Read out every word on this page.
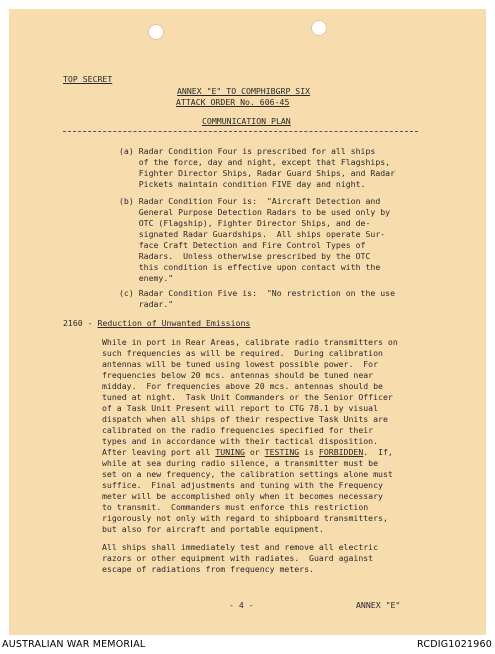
TOP SECRET
ANNEX "E" TO COMPHIBGRP SIX
ATTACK ORDER No. 606-45
COMMUNICATION PLAN
(a) Radar Condition Four is prescribed for all ships
of the force, day and night, except that Flagships,
Fighter Director Ships, Radar Guard Ships, and Radar
Pickets maintain condition FIVE day and night.
(b) Radar Condition Four is:  "Aircraft Detection and
General Purpose Detection Radars to be used only by
OTC (Flagship), Fighter Director Ships, and de-
signated Radar Guardships.  All ships operate Sur-
face Craft Detection and Fire Control Types of
Radars.  Unless otherwise prescribed by the OTC
this condition is effective upon contact with the
enemy."
(c) Radar Condition Five is:  "No restriction on the use
radar."
2160 - Reduction of Unwanted Emissions
While in port in Rear Areas, calibrate radio transmitters on
such frequencies as will be required.  During calibration
antennas will be tuned using lowest possible power.  For
frequencies below 20 mcs. antennas should be tuned near
midday.  For frequencies above 20 mcs. antennas should be
tuned at night.  Task Unit Commanders or the Senior Officer
of a Task Unit Present will report to CTG 78.1 by visual
dispatch when all ships of their respective Task Units are
calibrated on the radio frequencies specified for their
types and in accordance with their tactical disposition.
After leaving port all TUNING or TESTING is FORBIDDEN.  If,
while at sea during radio silence, a transmitter must be
set on a new frequency, the calibration settings alone must
suffice.  Final adjustments and tuning with the Frequency
meter will be accomplished only when it becomes necessary
to transmit.  Commanders must enforce this restriction
rigorously not only with regard to shipboard transmitters,
but also for aircraft and portable equipment.
All ships shall immediately test and remove all electric
razors or other equipment with radiates.  Guard against
escape of radiations from frequency meters.
- 4 -	ANNEX "E"
AUSTRALIAN WAR MEMORIAL	RCDIG1021960
